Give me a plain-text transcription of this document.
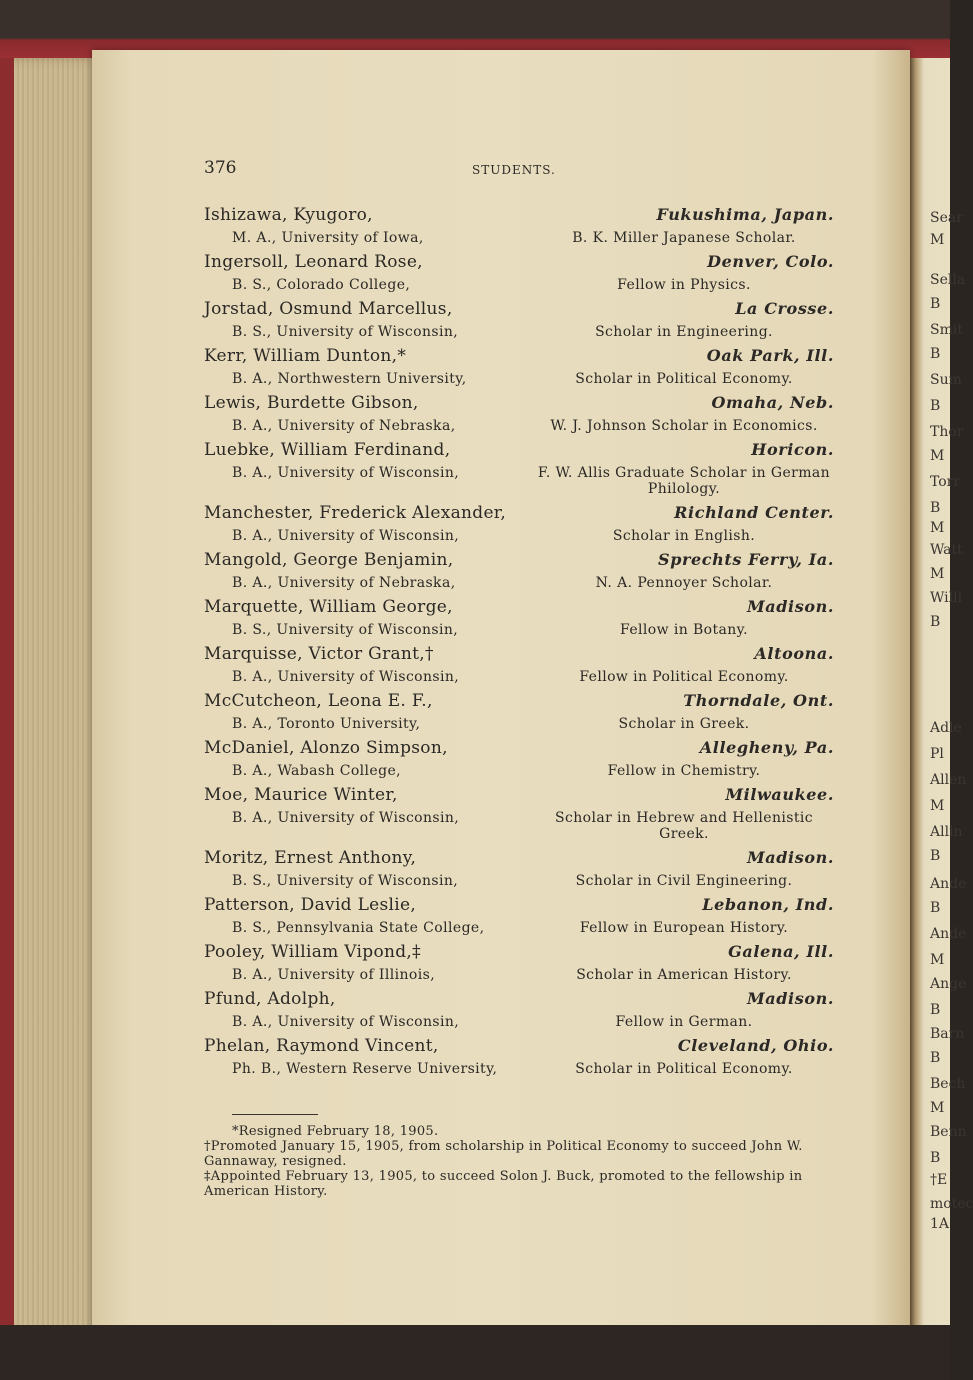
Sear
M
Sella
B
Smit
B
Sum
B
Thor
M
Torr
B
M
Watt
M
Willi
B
Adle
Pl
Allen
M
Allin
B
Ande
B
Ande
M
Ange
B
Barn
B
Bech
M
Benn
B
†E
motec
1A
376	STUDENTS.
Ishizawa, Kyugoro,	Fukushima, Japan.
M. A., University of Iowa,	B. K. Miller Japanese Scholar.
Ingersoll, Leonard Rose,	Denver, Colo.
B. S., Colorado College,	Fellow in Physics.
Jorstad, Osmund Marcellus,	La Crosse.
B. S., University of Wisconsin,	Scholar in Engineering.
Kerr, William Dunton,*	Oak Park, Ill.
B. A., Northwestern University,	Scholar in Political Economy.
Lewis, Burdette Gibson,	Omaha, Neb.
B. A., University of Nebraska,	W. J. Johnson Scholar in Economics.
Luebke, William Ferdinand,	Horicon.
B. A., University of Wisconsin,	F. W. Allis Graduate Scholar in German Philology.
Manchester, Frederick Alexander,	Richland Center.
B. A., University of Wisconsin,	Scholar in English.
Mangold, George Benjamin,	Sprechts Ferry, Ia.
B. A., University of Nebraska,	N. A. Pennoyer Scholar.
Marquette, William George,	Madison.
B. S., University of Wisconsin,	Fellow in Botany.
Marquisse, Victor Grant,†	Altoona.
B. A., University of Wisconsin,	Fellow in Political Economy.
McCutcheon, Leona E. F.,	Thorndale, Ont.
B. A., Toronto University,	Scholar in Greek.
McDaniel, Alonzo Simpson,	Allegheny, Pa.
B. A., Wabash College,	Fellow in Chemistry.
Moe, Maurice Winter,	Milwaukee.
B. A., University of Wisconsin,	Scholar in Hebrew and Hellenistic Greek.
Moritz, Ernest Anthony,	Madison.
B. S., University of Wisconsin,	Scholar in Civil Engineering.
Patterson, David Leslie,	Lebanon, Ind.
B. S., Pennsylvania State College,	Fellow in European History.
Pooley, William Vipond,‡	Galena, Ill.
B. A., University of Illinois,	Scholar in American History.
Pfund, Adolph,	Madison.
B. A., University of Wisconsin,	Fellow in German.
Phelan, Raymond Vincent,	Cleveland, Ohio.
Ph. B., Western Reserve University,	Scholar in Political Economy.
*Resigned February 18, 1905.
†Promoted January 15, 1905, from scholarship in Political Economy to succeed John W. Gannaway, resigned.
‡Appointed February 13, 1905, to succeed Solon J. Buck, promoted to the fellowship in American History.
